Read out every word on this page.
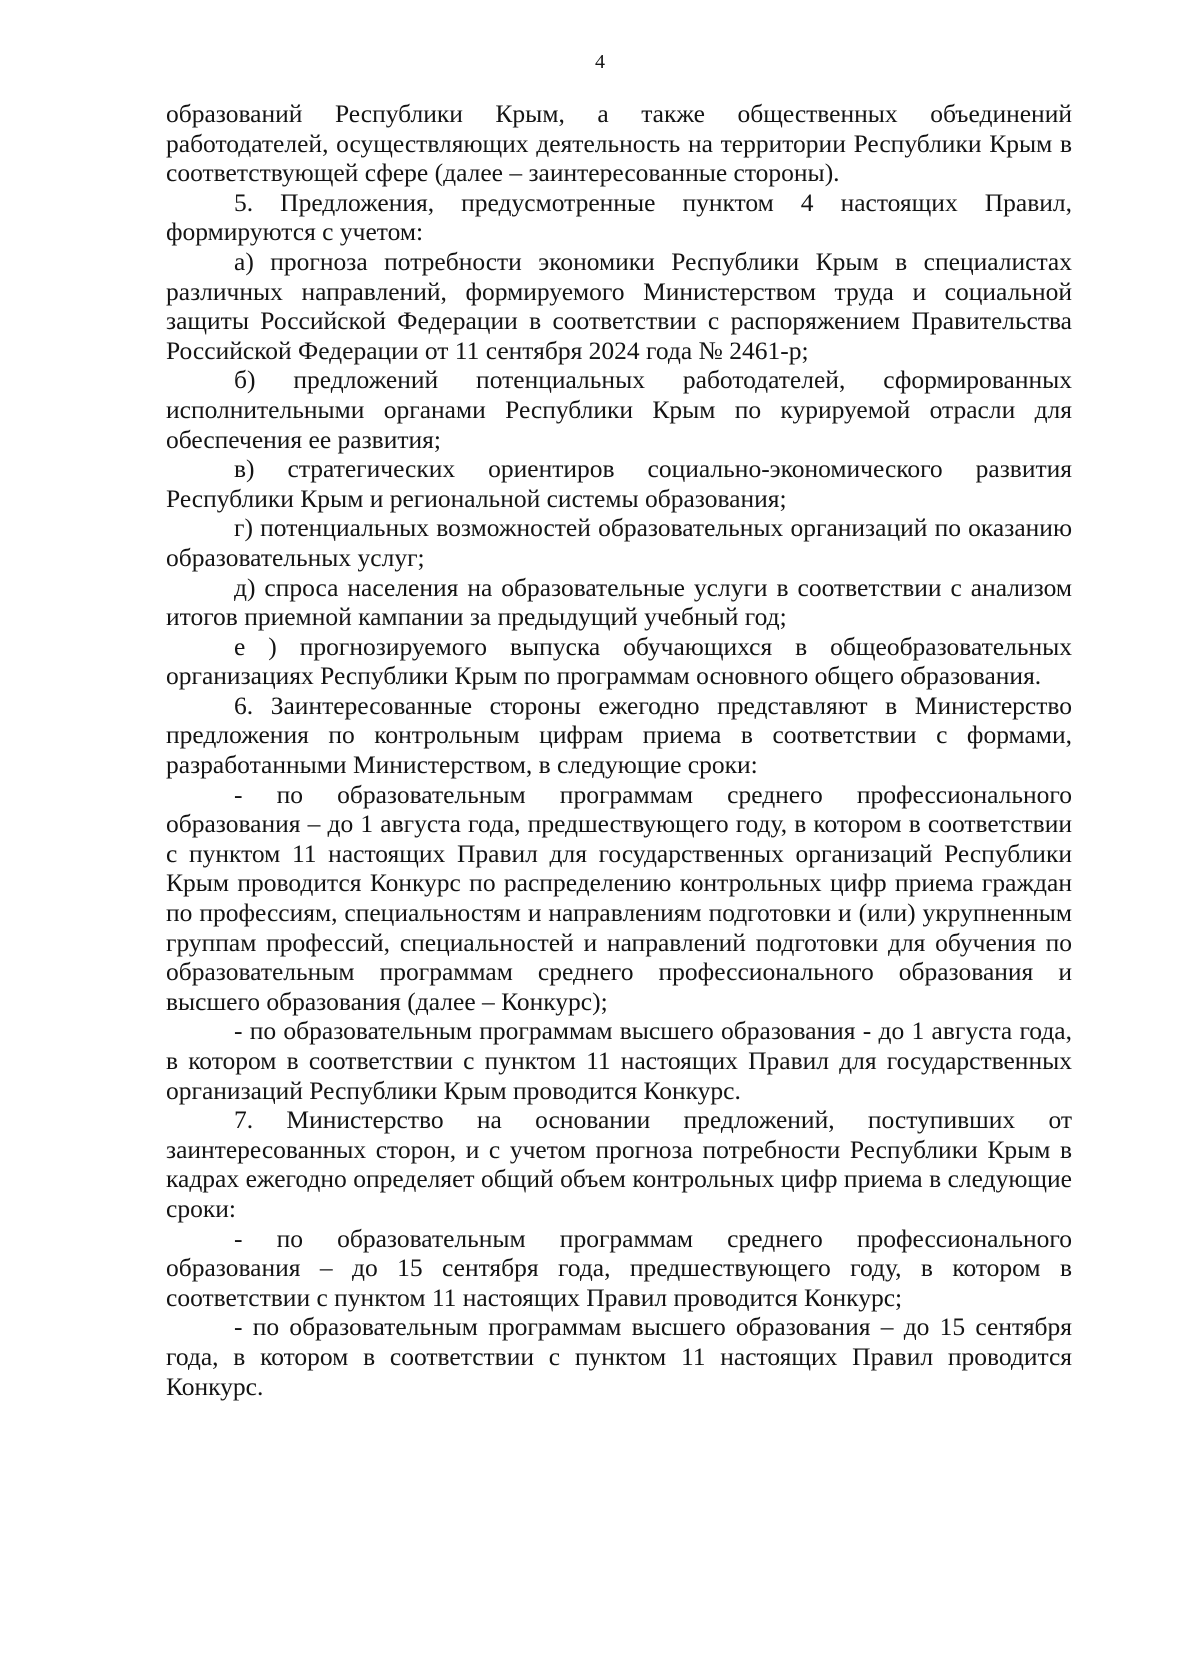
4

образований Республики Крым, а также общественных объединений работодателей, осуществляющих деятельность на территории Республики Крым в соответствующей сфере (далее – заинтересованные стороны).

5. Предложения, предусмотренные пунктом 4 настоящих Правил, формируются с учетом:

а) прогноза потребности экономики Республики Крым в специалистах различных направлений, формируемого Министерством труда и социальной защиты Российской Федерации в соответствии с распоряжением Правительства Российской Федерации от 11 сентября 2024 года № 2461-р;

б) предложений потенциальных работодателей, сформированных исполнительными органами Республики Крым по курируемой отрасли для обеспечения ее развития;

в) стратегических ориентиров социально-экономического развития Республики Крым и региональной системы образования;

г) потенциальных возможностей образовательных организаций по оказанию образовательных услуг;

д) спроса населения на образовательные услуги в соответствии с анализом итогов приемной кампании за предыдущий учебный год;

е ) прогнозируемого выпуска обучающихся в общеобразовательных организациях Республики Крым по программам основного общего образования.

6. Заинтересованные стороны ежегодно представляют в Министерство предложения по контрольным цифрам приема в соответствии с формами, разработанными Министерством, в следующие сроки:

- по образовательным программам среднего профессионального образования – до 1 августа года, предшествующего году, в котором в соответствии с пунктом 11 настоящих Правил для государственных организаций Республики Крым проводится Конкурс по распределению контрольных цифр приема граждан по профессиям, специальностям и направлениям подготовки и (или) укрупненным группам профессий, специальностей и направлений подготовки для обучения по образовательным программам среднего профессионального образования и высшего образования (далее – Конкурс);

- по образовательным программам высшего образования - до 1 августа года, в котором в соответствии с пунктом 11 настоящих Правил для государственных организаций Республики Крым проводится Конкурс.

7. Министерство на основании предложений, поступивших от заинтересованных сторон, и с учетом прогноза потребности Республики Крым в кадрах ежегодно определяет общий объем контрольных цифр приема в следующие сроки:

- по образовательным программам среднего профессионального образования – до 15 сентября года, предшествующего году, в котором в соответствии с пунктом 11 настоящих Правил проводится Конкурс;

- по образовательным программам высшего образования – до 15 сентября года, в котором в соответствии с пунктом 11 настоящих Правил проводится Конкурс.
